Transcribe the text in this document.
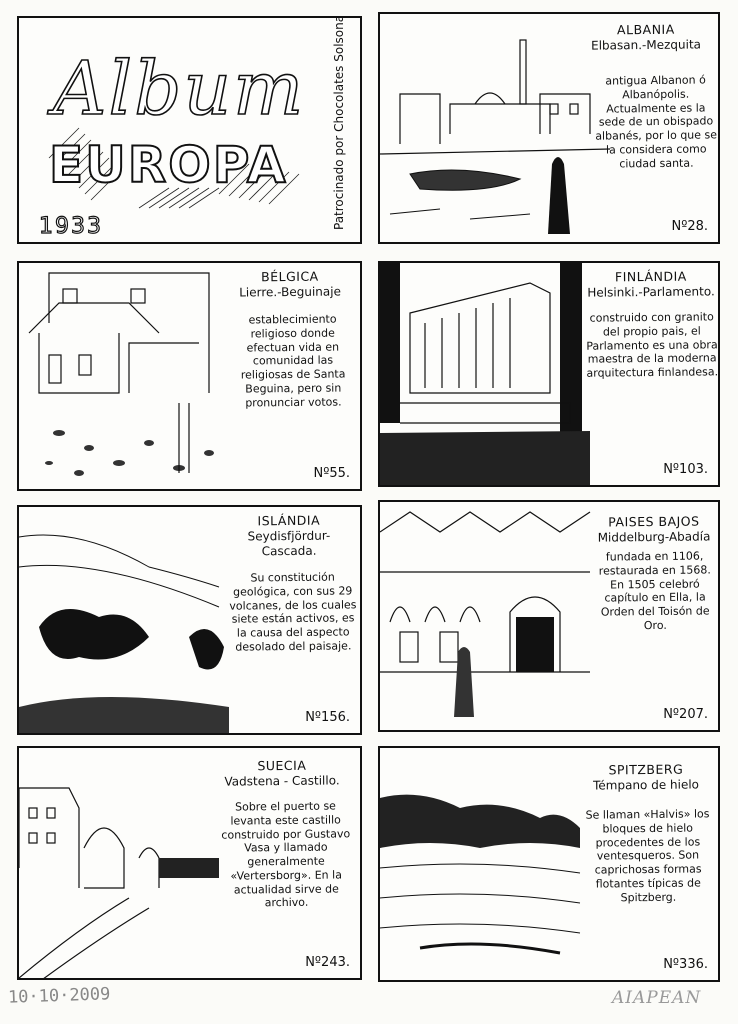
Album
EUROPA
1933	Patrocinado por Chocolates Solsona	ALBANIA
Elbasan.-Mezquita
antigua Albanon ó Albanópolis. Actualmente es la sede de un obispado albanés, por lo que se la considera como ciudad santa.
Nº28.
BÉLGICA
Lierre.-Beguinaje
establecimiento religioso donde efectuan vida en comunidad las religiosas de Santa Beguina, pero sin pronunciar votos.
Nº55.
FINLÁNDIA
Helsinki.-Parlamento.
construido con granito del propio pais, el Parlamento es una obra maestra de la moderna arquitectura finlandesa.
Nº103.
ISLÁNDIA
Seydisfjördur- Cascada.
Su constitución geológica, con sus 29 volcanes, de los cuales siete están activos, es la causa del aspecto desolado del paisaje.
Nº156.
PAISES BAJOS
Middelburg-Abadía
fundada en 1106, restaurada en 1568. En 1505 celebró capítulo en Ella, la Orden del Toisón de Oro.
Nº207.
SUECIA
Vadstena - Castillo.
Sobre el puerto se levanta este castillo construido por Gustavo Vasa y llamado generalmente «Vertersborg». En la actualidad sirve de archivo.
Nº243.
SPITZBERG
Témpano de hielo
Se llaman «Halvis» los bloques de hielo procedentes de los ventesqueros. Son caprichosas formas flotantes típicas de Spitzberg.
Nº336.
10·10·2009	AIAPEAN
